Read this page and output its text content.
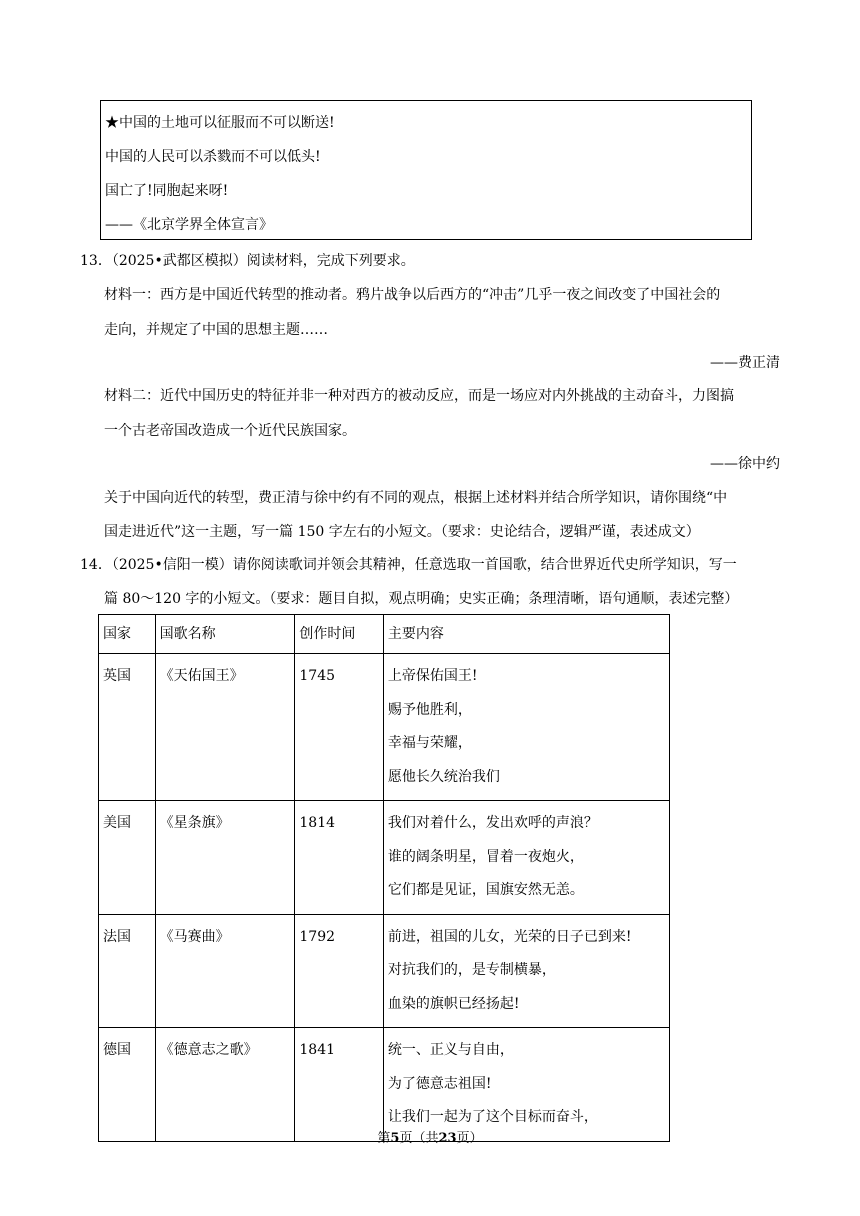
★中国的土地可以征服而不可以断送!
中国的人民可以杀戮而不可以低头!
国亡了!同胞起来呀!
——《北京学界全体宣言》
13．（2025•武都区模拟）阅读材料，完成下列要求。
材料一：西方是中国近代转型的推动者。鸦片战争以后西方的“冲击”几乎一夜之间改变了中国社会的
走向，并规定了中国的思想主题……
——费正清
材料二：近代中国历史的特征并非一种对西方的被动反应，而是一场应对内外挑战的主动奋斗，力图搞
一个古老帝国改造成一个近代民族国家。
——徐中约
关于中国向近代的转型，费正清与徐中约有不同的观点，根据上述材料并结合所学知识，请你围绕“中
国走进近代”这一主题，写一篇 150 字左右的小短文。（要求：史论结合，逻辑严谨，表述成文）
14．（2025•信阳一模）请你阅读歌词并领会其精神，任意选取一首国歌，结合世界近代史所学知识，写一
篇 80～120 字的小短文。（要求：题目自拟，观点明确；史实正确；条理清晰，语句通顺，表述完整）
国家	国歌名称	创作时间	主要内容
英国	《天佑国王》	1745	上帝保佑国王!
赐予他胜利，
幸福与荣耀，
愿他长久统治我们

美国	《星条旗》	1814	我们对着什么，发出欢呼的声浪？
谁的阔条明星，冒着一夜炮火，
它们都是见证，国旗安然无恙。

法国	《马赛曲》	1792	前进，祖国的儿女，光荣的日子已到来!
对抗我们的，是专制横暴，
血染的旗帜已经扬起!

德国	《德意志之歌》	1841	统一、正义与自由，
为了德意志祖国!
让我们一起为了这个目标而奋斗，
第5页（共23页）
